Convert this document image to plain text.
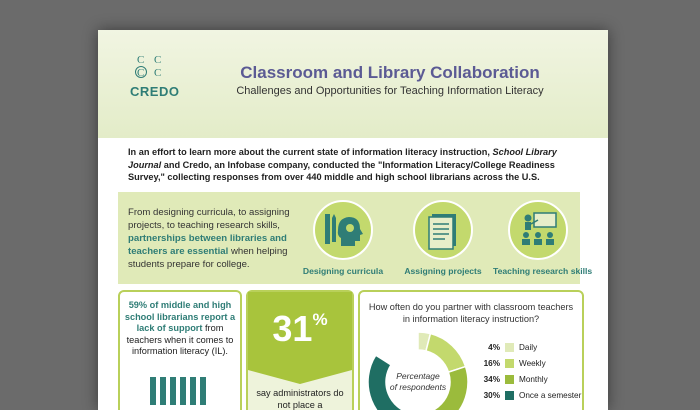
C C
C C
CREDO
Classroom and Library Collaboration
Challenges and Opportunities for Teaching Information Literacy
In an effort to learn more about the current state of information literacy instruction, School Library Journal and Credo, an Infobase company, conducted the "Information Literacy/College Readiness Survey," collecting responses from over 440 middle and high school librarians across the U.S.
From designing curricula, to assigning projects, to teaching research skills, partnerships between libraries and teachers are essential when helping students prepare for college.
Designing curricula	Assigning projects	Teaching research skills
59% of middle and high school librarians report a lack of support from teachers when it comes to information literacy (IL).
31%
say administrators do not place a
How often do you partner with classroom teachers in information literacy instruction?
Percentage
of respondents
4% Daily
16% Weekly
34% Monthly
30% Once a semester
